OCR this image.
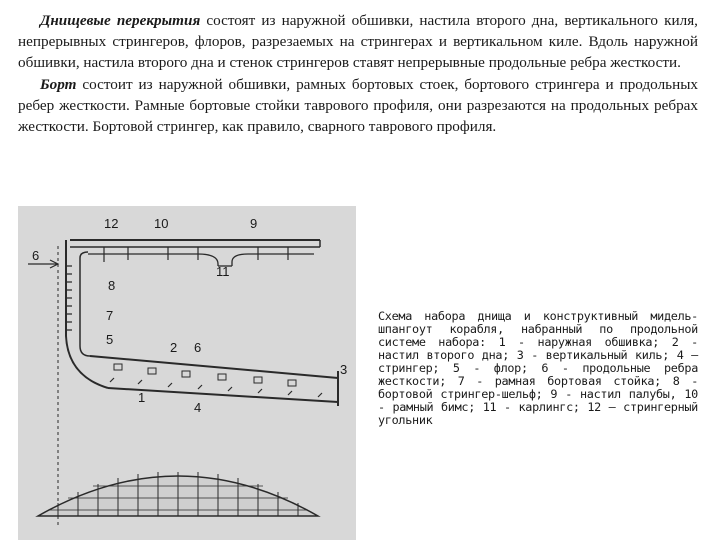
Днищевые перекрытия состоят из наружной обшивки, настила второго дна, вертикального киля, непрерывных стрингеров, флоров, разрезаемых на стрингерах и вертикальном киле. Вдоль наружной обшивки, настила второго дна и стенок стрингеров ставят непрерывные продольные ребра жесткости.

Борт состоит из наружной обшивки, рамных бортовых стоек, бортового стрингера и продольных ребер жесткости. Рамные бортовые стойки таврового профиля, они разрезаются на продольных ребрах жесткости. Бортовой стрингер, как правило, сварного таврового профиля.

12	10	9
11
6
8
7
5
2 6
3
1
4
Схема набора днища и конструктивный мидель-шпангоут корабля, набранный по продольной системе набора: 1 - наружная обшивка; 2 - настил второго дна; 3 - вертикальный киль; 4 — стрингер; 5 - флор; 6 - продольные ребра жесткости; 7 - рамная бортовая стойка; 8 - бортовой стрингер-шельф; 9 - настил палубы, 10 - рамный бимс; 11 - карлингс; 12 – стрингерный угольник
